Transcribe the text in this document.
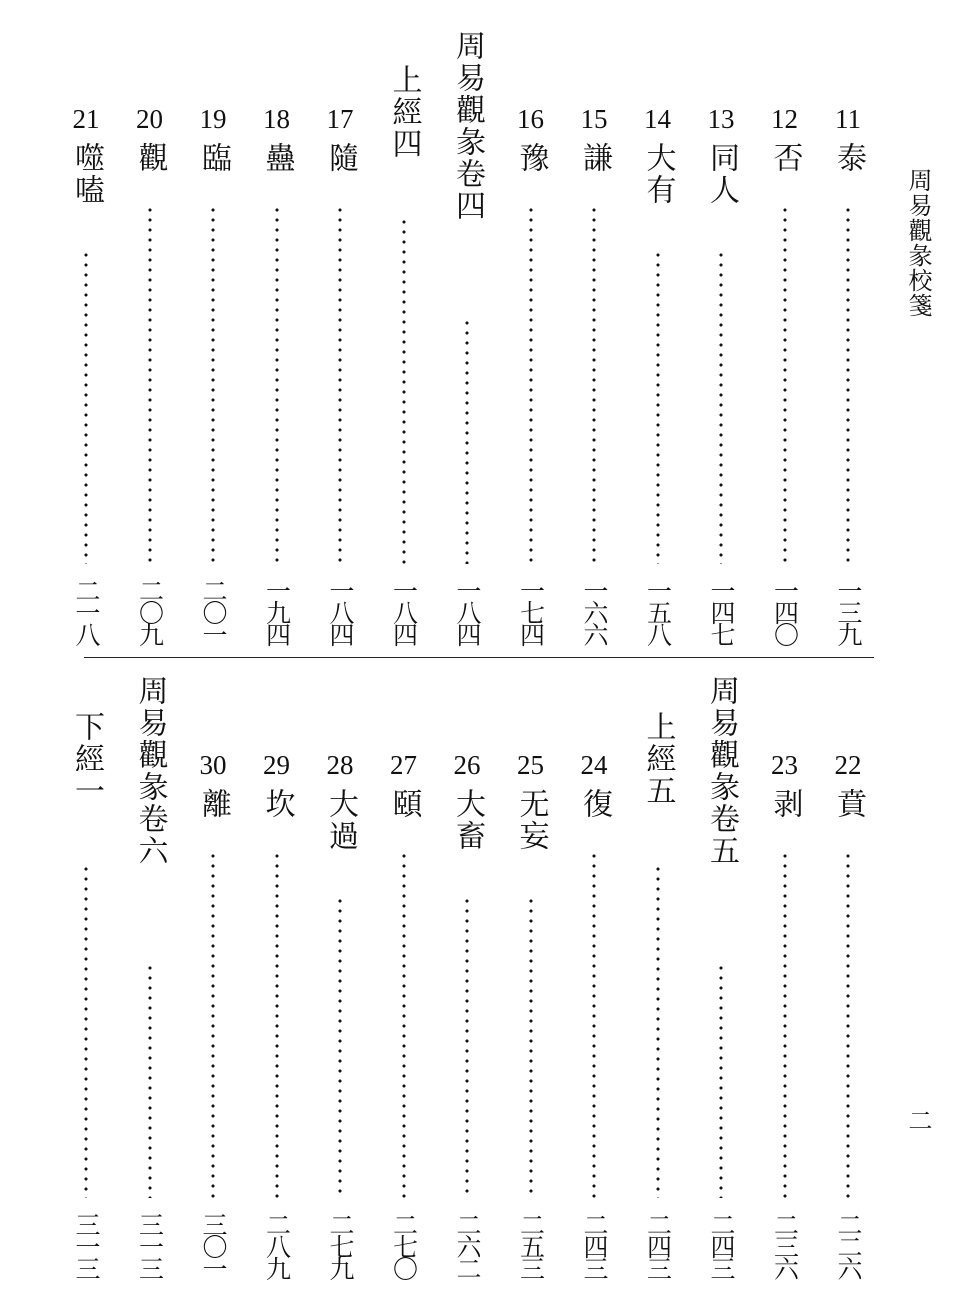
周易觀彖校箋
二
11
泰
一三九
12
否
一四〇
13
同人
一四七
14
大有
一五八
15
謙
一六六
16
豫
一七四
周易觀彖卷四
一八四
上經四
一八四
17
隨
一八四
18
蠱
一九四
19
臨
二〇一
20
觀
二〇九
21
噬嗑
二一八
22
賁
二二六
23
剥
二三六
周易觀彖卷五
二四三
上經五
二四三
24
復
二四三
25
无妄
二五三
26
大畜
二六二
27
頤
二七〇
28
大過
二七九
29
坎
二八九
30
離
三〇一
周易觀彖卷六
三一三
下經一
三一三
